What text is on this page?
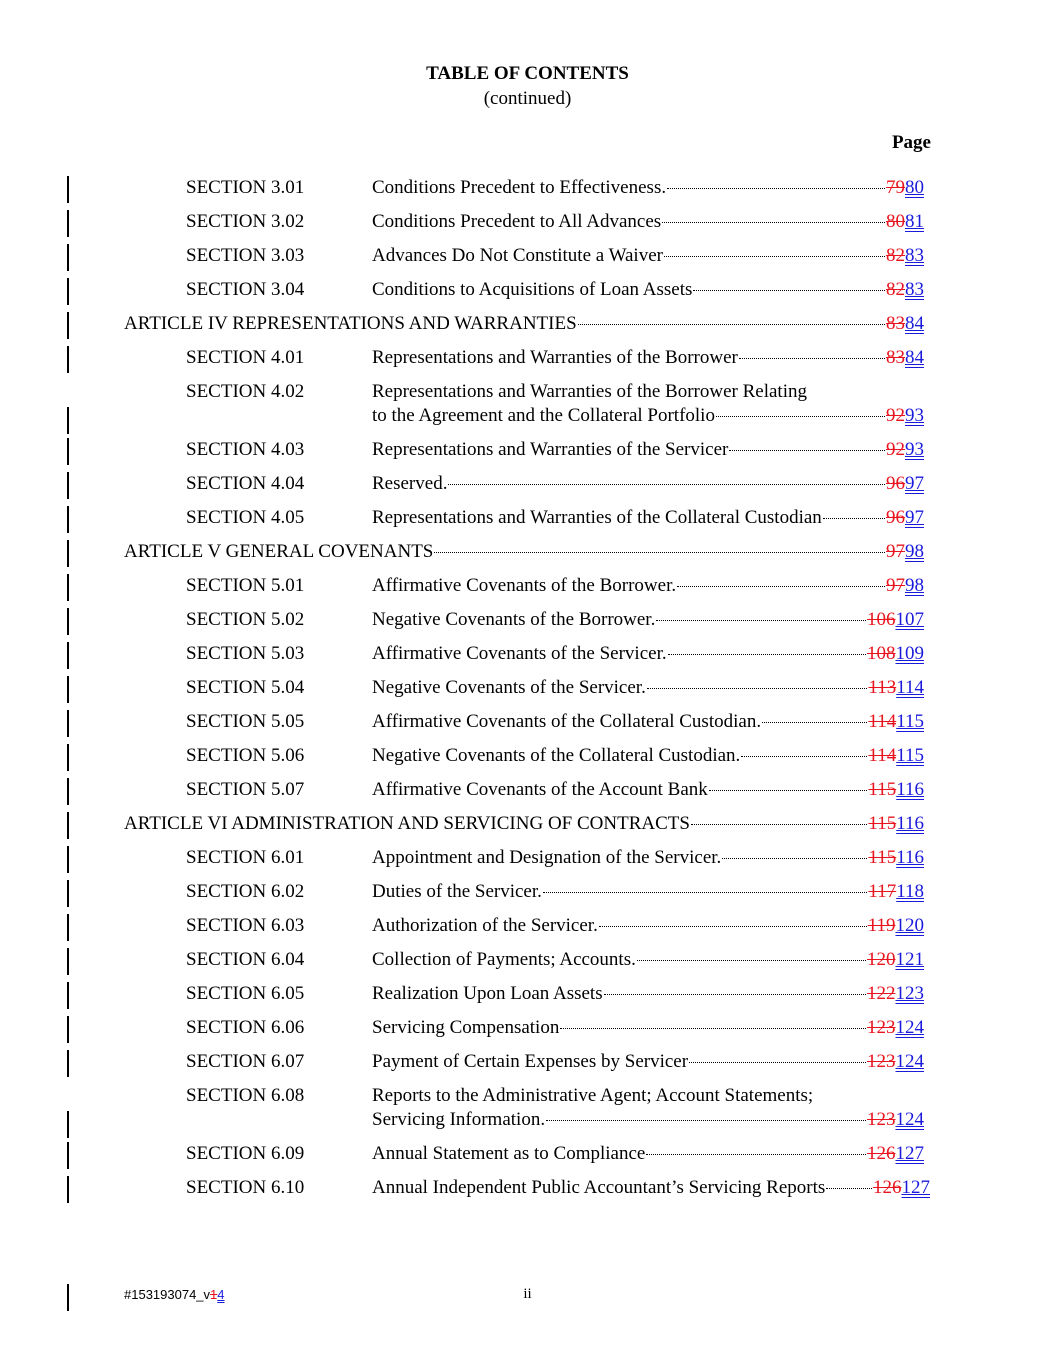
TABLE OF CONTENTS
(continued)
Page
SECTION 3.01	Conditions Precedent to Effectiveness.	79 80
SECTION 3.02	Conditions Precedent to All Advances	80 81
SECTION 3.03	Advances Do Not Constitute a Waiver	82 83
SECTION 3.04	Conditions to Acquisitions of Loan Assets	82 83
ARTICLE IV REPRESENTATIONS AND WARRANTIES	83 84
SECTION 4.01	Representations and Warranties of the Borrower	83 84
SECTION 4.02	Representations and Warranties of the Borrower Relating
to the Agreement and the Collateral Portfolio	92 93
SECTION 4.03	Representations and Warranties of the Servicer	92 93
SECTION 4.04	Reserved.	96 97
SECTION 4.05	Representations and Warranties of the Collateral Custodian	96 97
ARTICLE V GENERAL COVENANTS	97 98
SECTION 5.01	Affirmative Covenants of the Borrower.	97 98
SECTION 5.02	Negative Covenants of the Borrower.	106 107
SECTION 5.03	Affirmative Covenants of the Servicer.	108 109
SECTION 5.04	Negative Covenants of the Servicer.	113 114
SECTION 5.05	Affirmative Covenants of the Collateral Custodian.	114 115
SECTION 5.06	Negative Covenants of the Collateral Custodian.	114 115
SECTION 5.07	Affirmative Covenants of the Account Bank	115 116
ARTICLE VI ADMINISTRATION AND SERVICING OF CONTRACTS	115 116
SECTION 6.01	Appointment and Designation of the Servicer.	115 116
SECTION 6.02	Duties of the Servicer.	117 118
SECTION 6.03	Authorization of the Servicer.	119 120
SECTION 6.04	Collection of Payments; Accounts.	120 121
SECTION 6.05	Realization Upon Loan Assets	122 123
SECTION 6.06	Servicing Compensation	123 124
SECTION 6.07	Payment of Certain Expenses by Servicer	123 124
SECTION 6.08	Reports to the Administrative Agent; Account Statements;
Servicing Information.	123 124
SECTION 6.09	Annual Statement as to Compliance	126 127
SECTION 6.10	Annual Independent Public Accountant’s Servicing Reports	126 127
#153193074_v14	ii
